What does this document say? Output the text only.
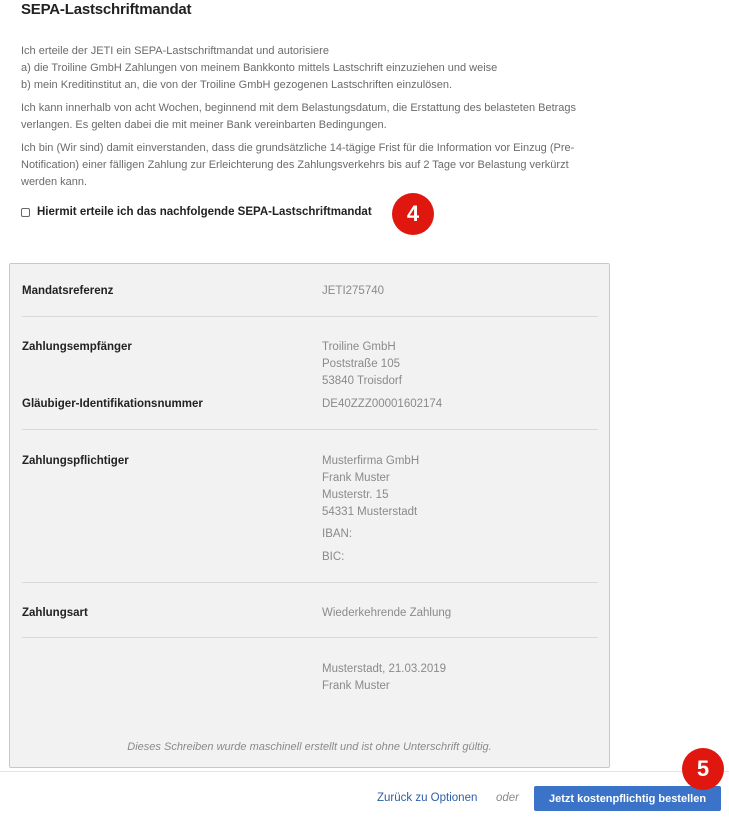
SEPA-Lastschriftmandat

Ich erteile der JETI ein SEPA-Lastschriftmandat und autorisiere
a) die Troiline GmbH Zahlungen von meinem Bankkonto mittels Lastschrift einzuziehen und weise
b) mein Kreditinstitut an, die von der Troiline GmbH gezogenen Lastschriften einzulösen.

Ich kann innerhalb von acht Wochen, beginnend mit dem Belastungsdatum, die Erstattung des belasteten Betrags
verlangen. Es gelten dabei die mit meiner Bank vereinbarten Bedingungen.

Ich bin (Wir sind) damit einverstanden, dass die grundsätzliche 14-tägige Frist für die Information vor Einzug (Pre-
Notification) einer fälligen Zahlung zur Erleichterung des Zahlungsverkehrs bis auf 2 Tage vor Belastung verkürzt
werden kann.

Hiermit erteile ich das nachfolgende SEPA-Lastschriftmandat	4
Mandatsreferenz	JETI275740
Zahlungsempfänger	Troiline GmbH
Poststraße 105
53840 Troisdorf
Gläubiger-Identifikationsnummer	DE40ZZZ00001602174
Zahlungspflichtiger	Musterfirma GmbH
Frank Muster
Musterstr. 15
54331 Musterstadt
IBAN:
BIC:
Zahlungsart	Wiederkehrende Zahlung
Musterstadt, 21.03.2019
Frank Muster
Dieses Schreiben wurde maschinell erstellt und ist ohne Unterschrift gültig.
Zurück zu Optionen oder	Jetzt kostenpflichtig bestellen
5
